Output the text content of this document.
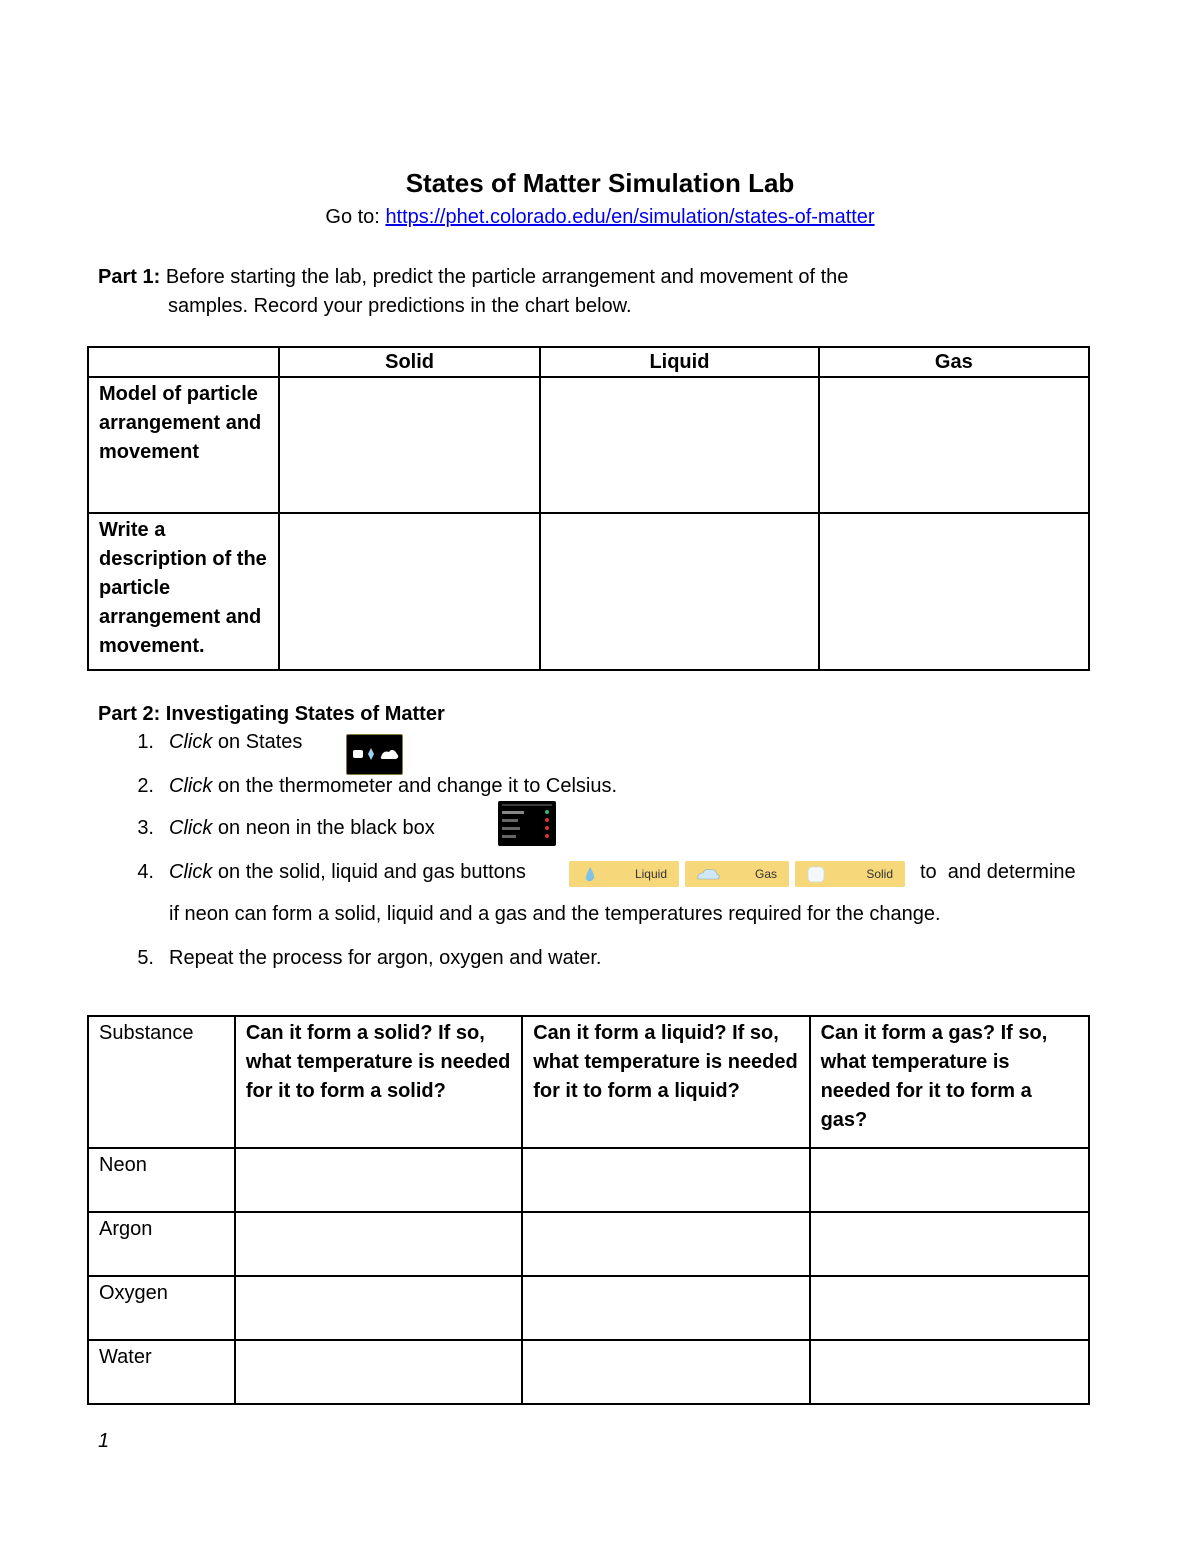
States of Matter Simulation Lab
Go to: https://phet.colorado.edu/en/simulation/states-of-matter
Part 1: Before starting the lab, predict the particle arrangement and movement of the
samples. Record your predictions in the chart below.
	Solid	Liquid	Gas
Model of particle arrangement and movement			
Write a description of the particle arrangement and movement.			
Part 2: Investigating States of Matter
1. Click on States
2. Click on the thermometer and change it to Celsius.
3. Click on neon in the black box
4. Click on the solid, liquid and gas buttons	Liquid	Gas	Solid to  and determine
if neon can form a solid, liquid and a gas and the temperatures required for the change.
5. Repeat the process for argon, oxygen and water.
Substance	Can it form a solid? If so, what temperature is needed for it to form a solid?	Can it form a liquid? If so, what temperature is needed for it to form a liquid?	Can it form a gas? If so, what temperature is needed for it to form a gas?
Neon			
Argon			
Oxygen			
Water			
1
